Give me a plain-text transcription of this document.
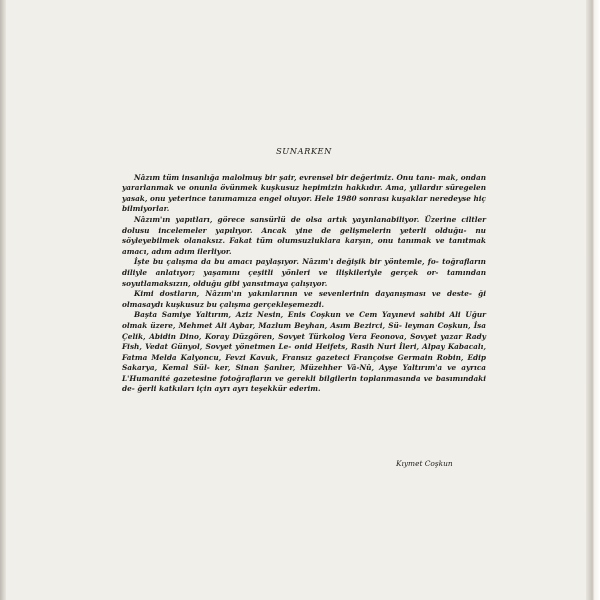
SUNARKEN

Nâzım tüm insanlığa malolmuş bir şair, evrensel bir değerimiz. Onu tanı- mak, ondan yararlanmak ve onunla övünmek kuşkusuz hepimizin hakkıdır. Ama, yıllardır süregelen yasak, onu yeterince tanımamıza engel oluyor. Hele 1980 sonrası kuşaklar neredeyse hiç bilmiyorlar.

Nâzım'ın yapıtları, görece sansürlü de olsa artık yayınlanabiliyor. Üzerine ciltler dolusu incelemeler yapılıyor. Ancak yine de gelişmelerin yeterli olduğu- nu söyleyebilmek olanaksız. Fakat tüm olumsuzluklara karşın, onu tanımak ve tanıtmak amacı, adım adım ilerliyor.

İşte bu çalışma da bu amacı paylaşıyor. Nâzım'ı değişik bir yöntemle, fo- toğrafların diliyle anlatıyor; yaşamını çeşitli yönleri ve ilişkileriyle gerçek or- tamından soyutlamaksızın, olduğu gibi yansıtmaya çalışıyor.

Kimi dostların, Nâzım'ın yakınlarının ve sevenlerinin dayanışması ve deste- ği olmasaydı kuşkusuz bu çalışma gerçekleşemezdi.

Başta Samiye Yaltırım, Aziz Nesin, Enis Coşkun ve Cem Yayınevi sahibi Ali Uğur olmak üzere, Mehmet Ali Aybar, Mazlum Beyhan, Asım Bezirci, Sü- leyman Coşkun, İsa Çelik, Abidin Dino, Koray Düzgören, Sovyet Türkolog Vera Feonova, Sovyet yazar Rady Fish, Vedat Günyol, Sovyet yönetmen Le- onid Heifets, Rasih Nuri İleri, Alpay Kabacalı, Fatma Melda Kalyoncu, Fevzi Kavuk, Fransız gazeteci Françoise Germain Robin, Edip Sakarya, Kemal Sül- ker, Sinan Şanlıer, Müzehher Vâ-Nû, Ayşe Yaltırım'a ve ayrıca L'Humanité gazetesine fotoğrafların ve gerekli bilgilerin toplanmasında ve basımındaki de- ğerli katkıları için ayrı ayrı teşekkür ederim.

Kıymet Coşkun
